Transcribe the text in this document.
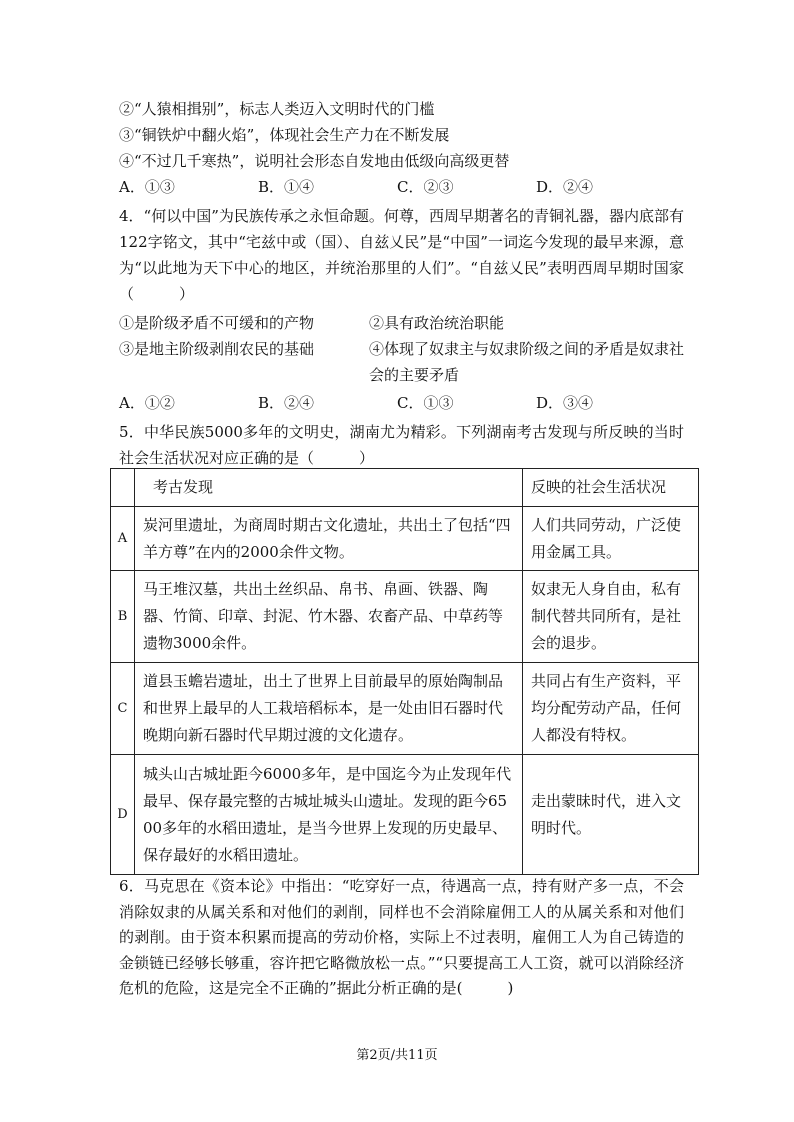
②“人猿相揖别”，标志人类迈入文明时代的门槛
③“铜铁炉中翻火焰”，体现社会生产力在不断发展
④“不过几千寒热”，说明社会形态自发地由低级向高级更替
A．①③	B．①④	C．②③	D．②④
4．“何以中国”为民族传承之永恒命题。何尊，西周早期著名的青铜礼器，器内底部有122字铭文，其中“宅兹中或（国）、自兹乂民”是“中国”一词迄今发现的最早来源，意为“以此地为天下中心的地区，并统治那里的人们”。“自兹乂民”表明西周早期时国家（　　　）
①是阶级矛盾不可缓和的产物	②具有政治统治职能
③是地主阶级剥削农民的基础	④体现了奴隶主与奴隶阶级之间的矛盾是奴隶社会的主要矛盾
A．①②	B．②④	C．①③	D．③④
5．中华民族5000多年的文明史，湖南尤为精彩。下列湖南考古发现与所反映的当时社会生活状况对应正确的是（　　　）
	考古发现	反映的社会生活状况
A	炭河里遗址，为商周时期古文化遗址，共出土了包括“四羊方尊”在内的2000余件文物。	人们共同劳动，广泛使用金属工具。
B	马王堆汉墓，共出土丝织品、帛书、帛画、铁器、陶器、竹简、印章、封泥、竹木器、农畜产品、中草药等遗物3000余件。	奴隶无人身自由，私有制代替共同所有，是社会的退步。
C	道县玉蟾岩遗址，出土了世界上目前最早的原始陶制品和世界上最早的人工栽培稻标本，是一处由旧石器时代晚期向新石器时代早期过渡的文化遗存。	共同占有生产资料，平均分配劳动产品，任何人都没有特权。
D	城头山古城址距今6000多年，是中国迄今为止发现年代最早、保存最完整的古城址城头山遗址。发现的距今6500多年的水稻田遗址，是当今世界上发现的历史最早、保存最好的水稻田遗址。	走出蒙昧时代，进入文明时代。
6．马克思在《资本论》中指出：“吃穿好一点，待遇高一点，持有财产多一点，不会消除奴隶的从属关系和对他们的剥削，同样也不会消除雇佣工人的从属关系和对他们的剥削。由于资本积累而提高的劳动价格，实际上不过表明，雇佣工人为自己铸造的金锁链已经够长够重，容许把它略微放松一点。”“只要提高工人工资，就可以消除经济危机的危险，这是完全不正确的”据此分析正确的是(　　　)
第2页/共11页
